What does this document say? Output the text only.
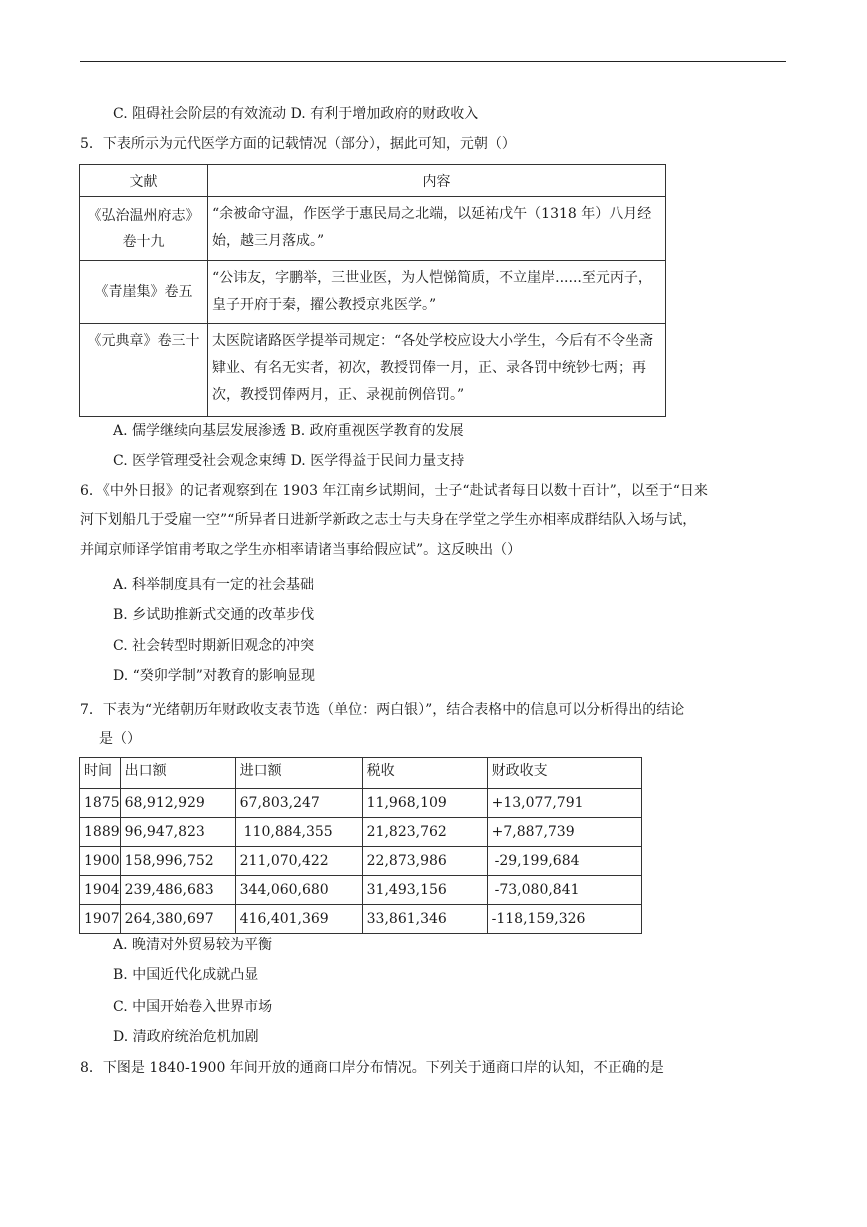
C. 阻碍社会阶层的有效流动 D. 有利于增加政府的财政收入
5．下表所示为元代医学方面的记载情况（部分），据此可知，元朝（）
文献	内容

《弘治温州府志》
卷十九	“余被命守温，作医学于惠民局之北端，以延祐戊午（1318 年）八月经始，越三月落成。”
《青崖集》卷五	“公讳友，字鹏举，三世业医，为人恺悌简质，不立崖岸......至元丙子，皇子开府于秦，擢公教授京兆医学。”
《元典章》卷三十	太医院诸路医学提举司规定：“各处学校应设大小学生，今后有不令坐斋肄业、有名无实者，初次，教授罚俸一月，正、录各罚中统钞七两；再次，教授罚俸两月，正、录视前例倍罚。”
A. 儒学继续向基层发展渗透 B. 政府重视医学教育的发展
C. 医学管理受社会观念束缚 D. 医学得益于民间力量支持
6．《中外日报》的记者观察到在 1903 年江南乡试期间，士子“赴试者每日以数十百计”，以至于“日来
河下划船几于受雇一空”“所异者日进新学新政之志士与夫身在学堂之学生亦相率成群结队入场与试，
并闻京师译学馆甫考取之学生亦相率请诸当事给假应试”。这反映出（）
A. 科举制度具有一定的社会基础
B. 乡试助推新式交通的改革步伐
C. 社会转型时期新旧观念的冲突
D. “癸卯学制”对教育的影响显现
7．下表为“光绪朝历年财政收支表节选（单位：两白银）”，结合表格中的信息可以分析得出的结论
是（）
时间	出口额	进口额	税收	财政收支
1875	68,912,929	67,803,247	11,968,109	+13,077,791
1889	96,947,823	110,884,355	21,823,762	+7,887,739
1900	158,996,752	211,070,422	22,873,986	-29,199,684
1904	239,486,683	344,060,680	31,493,156	-73,080,841
1907	264,380,697	416,401,369	33,861,346	-118,159,326
A. 晚清对外贸易较为平衡
B. 中国近代化成就凸显
C. 中国开始卷入世界市场
D. 清政府统治危机加剧
8．下图是 1840-1900 年间开放的通商口岸分布情况。下列关于通商口岸的认知，不正确的是
